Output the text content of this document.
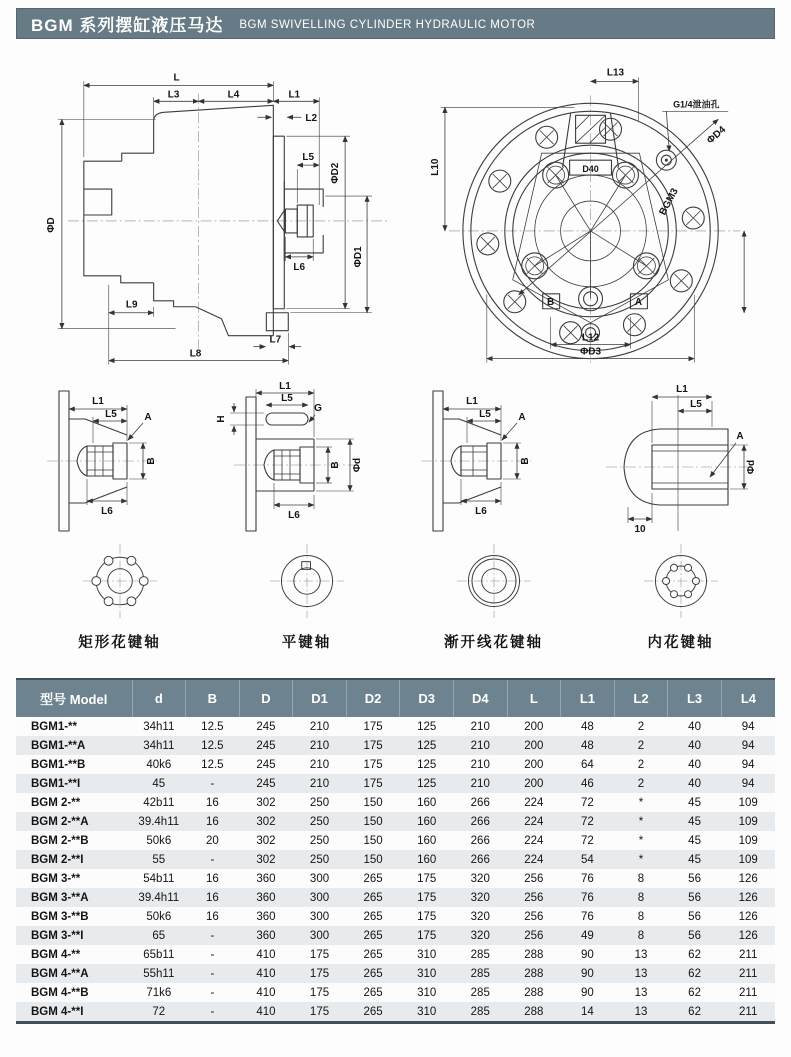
BGM 系列摆缸液压马达 BGM SWIVELLING CYLINDER HYDRAULIC MOTOR
L
L3	L4	L1
L2
L5
L6
ΦD
ΦD2
ΦD1
L9
L7
L8
D40
B	A
BGM3
L13
G1/4泄油孔
L10
ΦD4
L12
ΦD3
L1
L5	A
B
L6
矩形花键轴
L1
L5
H
G
B Φd
L6
平键轴
L1
L5	A
B
L6
渐开线花键轴
L1
L5
A
Φd
10
内花键轴
型号 Model	d	B	D	D1	D2	D3	D4	L	L1	L2	L3	L4
BGM1-**	34h11	12.5	245	210	175	125	210	200	48	2	40	94
BGM1-**A	34h11	12.5	245	210	175	125	210	200	48	2	40	94
BGM1-**B	40k6	12.5	245	210	175	125	210	200	64	2	40	94
BGM1-**I	45	-	245	210	175	125	210	200	46	2	40	94
BGM 2-**	42b11	16	302	250	150	160	266	224	72	*	45	109
BGM 2-**A	39.4h11	16	302	250	150	160	266	224	72	*	45	109
BGM 2-**B	50k6	20	302	250	150	160	266	224	72	*	45	109
BGM 2-**I	55	-	302	250	150	160	266	224	54	*	45	109
BGM 3-**	54b11	16	360	300	265	175	320	256	76	8	56	126
BGM 3-**A	39.4h11	16	360	300	265	175	320	256	76	8	56	126
BGM 3-**B	50k6	16	360	300	265	175	320	256	76	8	56	126
BGM 3-**I	65	-	360	300	265	175	320	256	49	8	56	126
BGM 4-**	65b11	-	410	175	265	310	285	288	90	13	62	211
BGM 4-**A	55h11	-	410	175	265	310	285	288	90	13	62	211
BGM 4-**B	71k6	-	410	175	265	310	285	288	90	13	62	211
BGM 4-**I	72	-	410	175	265	310	285	288	14	13	62	211
